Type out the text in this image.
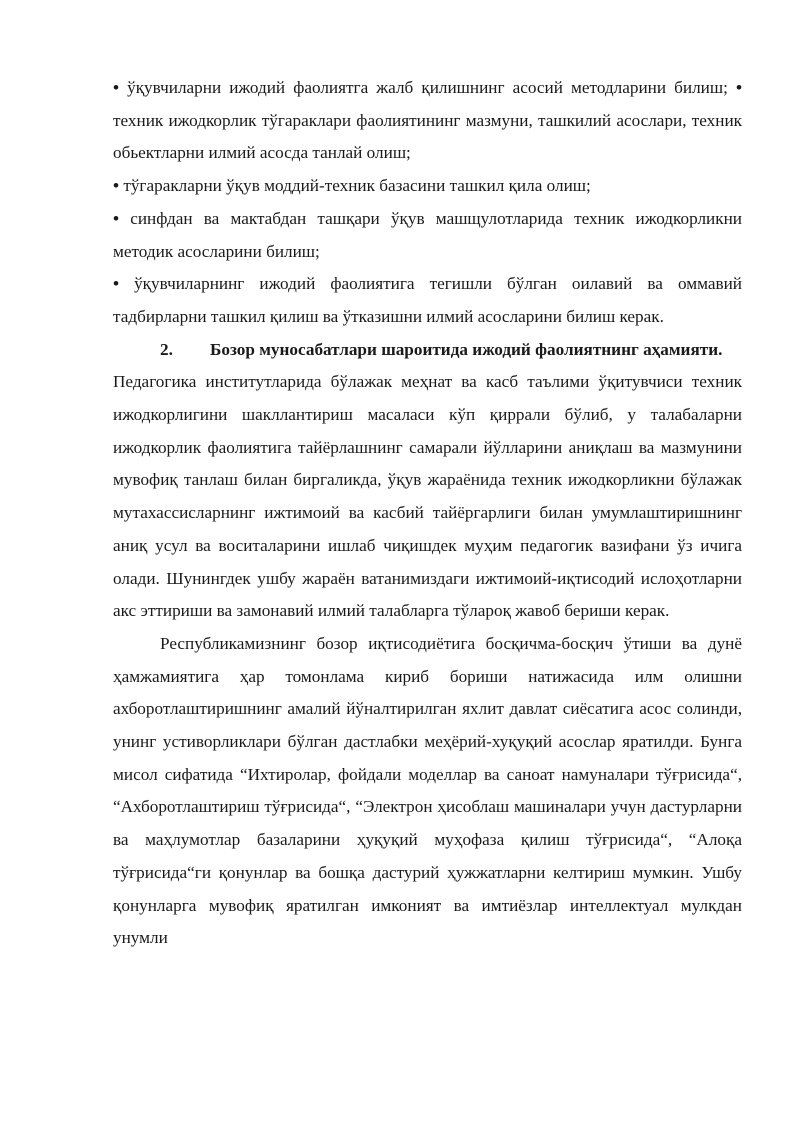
• ўқувчиларни ижодий фаолиятга жалб қилишнинг асосий методларини билиш; • техник ижодкорлик тўгараклари фаолиятининг мазмуни, ташкилий асослари, техник обьектларни илмий асосда танлай олиш;

• тўгаракларни ўқув моддий-техник базасини ташкил қила олиш;

• синфдан ва мактабдан ташқари ўқув машщулотларида техник ижодкорликни методик асосларини билиш;

• ўқувчиларнинг ижодий фаолиятига тегишли бўлган оилавий ва оммавий тадбирларни ташкил қилиш ва ўтказишни илмий асосларини билиш керак.

2. Бозор муносабатлари шароитида ижодий фаолиятнинг аҳамияти.

Педагогика институтларида бўлажак меҳнат ва касб таълими ўқитувчиси техник ижодкорлигини шакллантириш масаласи кўп қиррали бўлиб, у талабаларни ижодкорлик фаолиятига тайёрлашнинг самарали йўлларини аниқлаш ва мазмунини мувофиқ танлаш билан биргаликда, ўқув жараёнида техник ижодкорликни бўлажак мутахассисларнинг ижтимоий ва касбий тайёргарлиги билан умумлаштиришнинг аниқ усул ва воситаларини ишлаб чиқишдек муҳим педагогик вазифани ўз ичига олади. Шунингдек ушбу жараён ватанимиздаги ижтимоий-иқтисодий ислоҳотларни акс эттириши ва замонавий илмий талабларга тўлароқ жавоб бериши керак.

Республикамизнинг бозор иқтисодиётига босқичма-босқич ўтиши ва дунё ҳамжамиятига ҳар томонлама кириб бориши натижасида илм олишни ахборотлаштиришнинг амалий йўналтирилган яхлит давлат сиёсатига асос солинди, унинг устиворликлари бўлган дастлабки меҳёрий-хуқуқий асослар яратилди. Бунга мисол сифатида “Ихтиролар, фойдали моделлар ва саноат намуналари тўғрисида“, “Ахборотлаштириш тўғрисида“, “Электрон ҳисоблаш машиналари учун дастурларни ва маҳлумотлар базаларини ҳуқуқий муҳофаза қилиш тўғрисида“, “Алоқа тўғрисида“ги қонунлар ва бошқа дастурий ҳужжатларни келтириш мумкин. Ушбу қонунларга мувофиқ яратилган имконият ва имтиёзлар интеллектуал мулкдан унумли
